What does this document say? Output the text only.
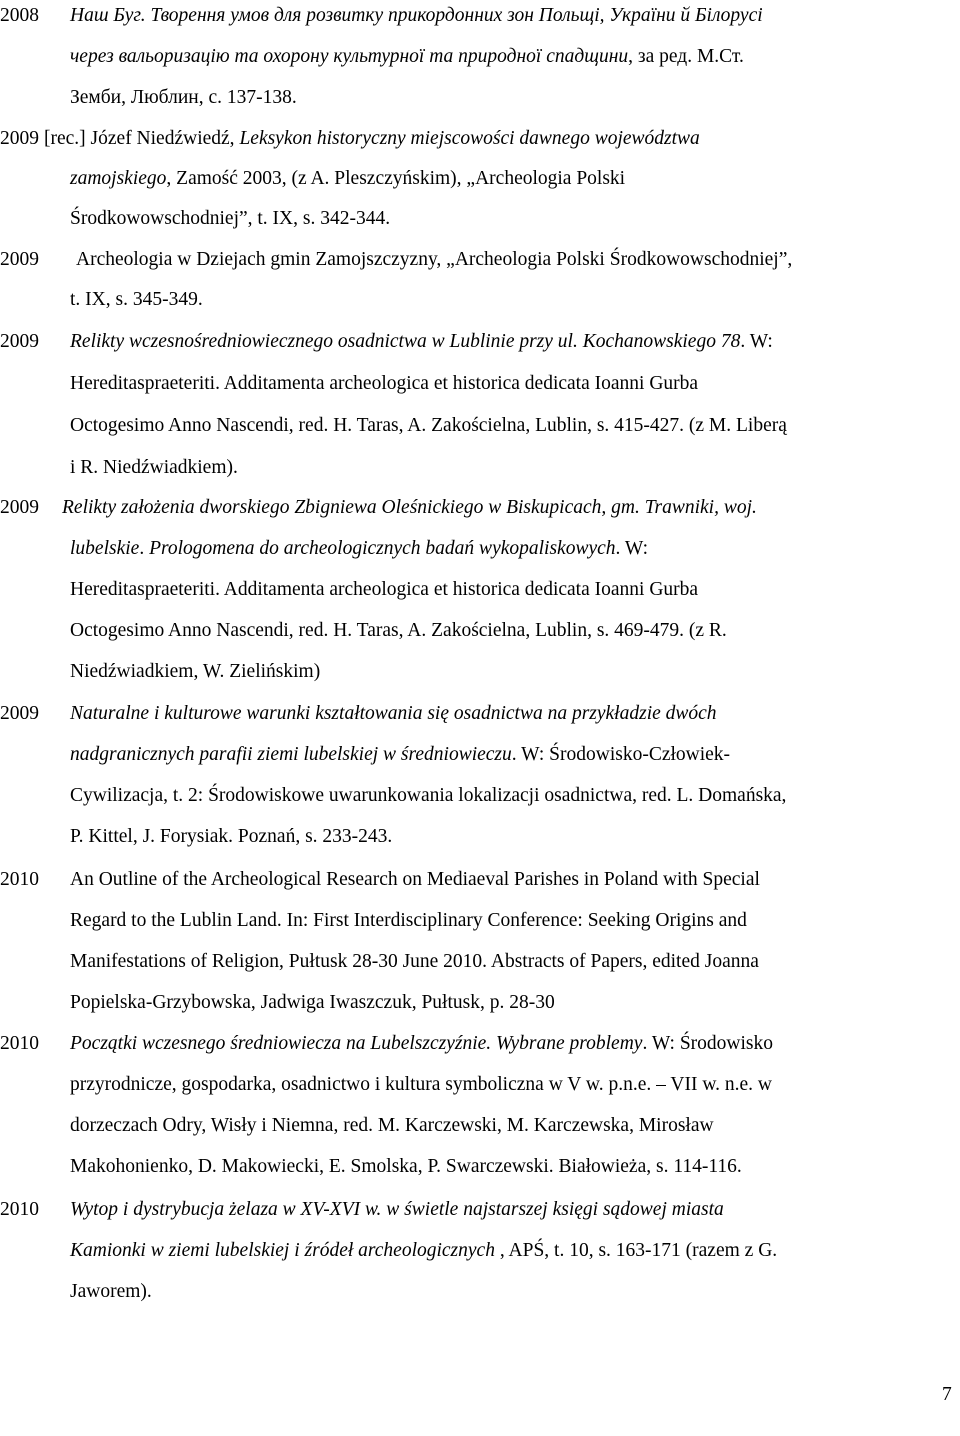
2008 Наш Буг. Творення умов для розвитку прикордонних зон Польщі, України й Білорусі
через вальоризацію та охорону культурної та природної спадщини, за ред. М.Ст.
Земби, Люблин, с. 137-138.
2009 [rec.] Józef Niedźwiedź, Leksykon historyczny miejscowości dawnego województwa
zamojskiego, Zamość 2003, (z A. Pleszczyńskim), „Archeologia Polski
Środkowowschodniej”, t. IX, s. 342-344.
2009 Archeologia w Dziejach gmin Zamojszczyzny, „Archeologia Polski Środkowowschodniej”,
t. IX, s. 345-349.
2009 Relikty wczesnośredniowiecznego osadnictwa w Lublinie przy ul. Kochanowskiego 78. W:
Hereditaspraeteriti. Additamenta archeologica et historica dedicata Ioanni Gurba
Octogesimo Anno Nascendi, red. H. Taras, A. Zakościelna, Lublin, s. 415-427. (z M. Liberą
i R. Niedźwiadkiem).
2009 Relikty założenia dworskiego Zbigniewa Oleśnickiego w Biskupicach, gm. Trawniki, woj.
lubelskie. Prologomena do archeologicznych badań wykopaliskowych. W:
Hereditaspraeteriti. Additamenta archeologica et historica dedicata Ioanni Gurba
Octogesimo Anno Nascendi, red. H. Taras, A. Zakościelna, Lublin, s. 469-479. (z R.
Niedźwiadkiem, W. Zielińskim)
2009 Naturalne i kulturowe warunki kształtowania się osadnictwa na przykładzie dwóch
nadgranicznych parafii ziemi lubelskiej w średniowieczu. W: Środowisko-Człowiek-
Cywilizacja, t. 2: Środowiskowe uwarunkowania lokalizacji osadnictwa, red. L. Domańska,
P. Kittel, J. Forysiak. Poznań, s. 233-243.
2010 An Outline of the Archeological Research on Mediaeval Parishes in Poland with Special
Regard to the Lublin Land. In: First Interdisciplinary Conference: Seeking Origins and
Manifestations of Religion, Pułtusk 28-30 June 2010. Abstracts of Papers, edited Joanna
Popielska-Grzybowska, Jadwiga Iwaszczuk, Pułtusk, p. 28-30
2010 Początki wczesnego średniowiecza na Lubelszczyźnie. Wybrane problemy. W: Środowisko
przyrodnicze, gospodarka, osadnictwo i kultura symboliczna w V w. p.n.e. – VII w. n.e. w
dorzeczach Odry, Wisły i Niemna, red. M. Karczewski, M. Karczewska, Mirosław
Makohonienko, D. Makowiecki, E. Smolska, P. Swarczewski. Białowieża, s. 114-116.
2010 Wytop i dystrybucja żelaza w XV-XVI w. w świetle najstarszej księgi sądowej miasta
Kamionki w ziemi lubelskiej i źródeł archeologicznych , APŚ, t. 10, s. 163-171 (razem z G.
Jaworem).
7
